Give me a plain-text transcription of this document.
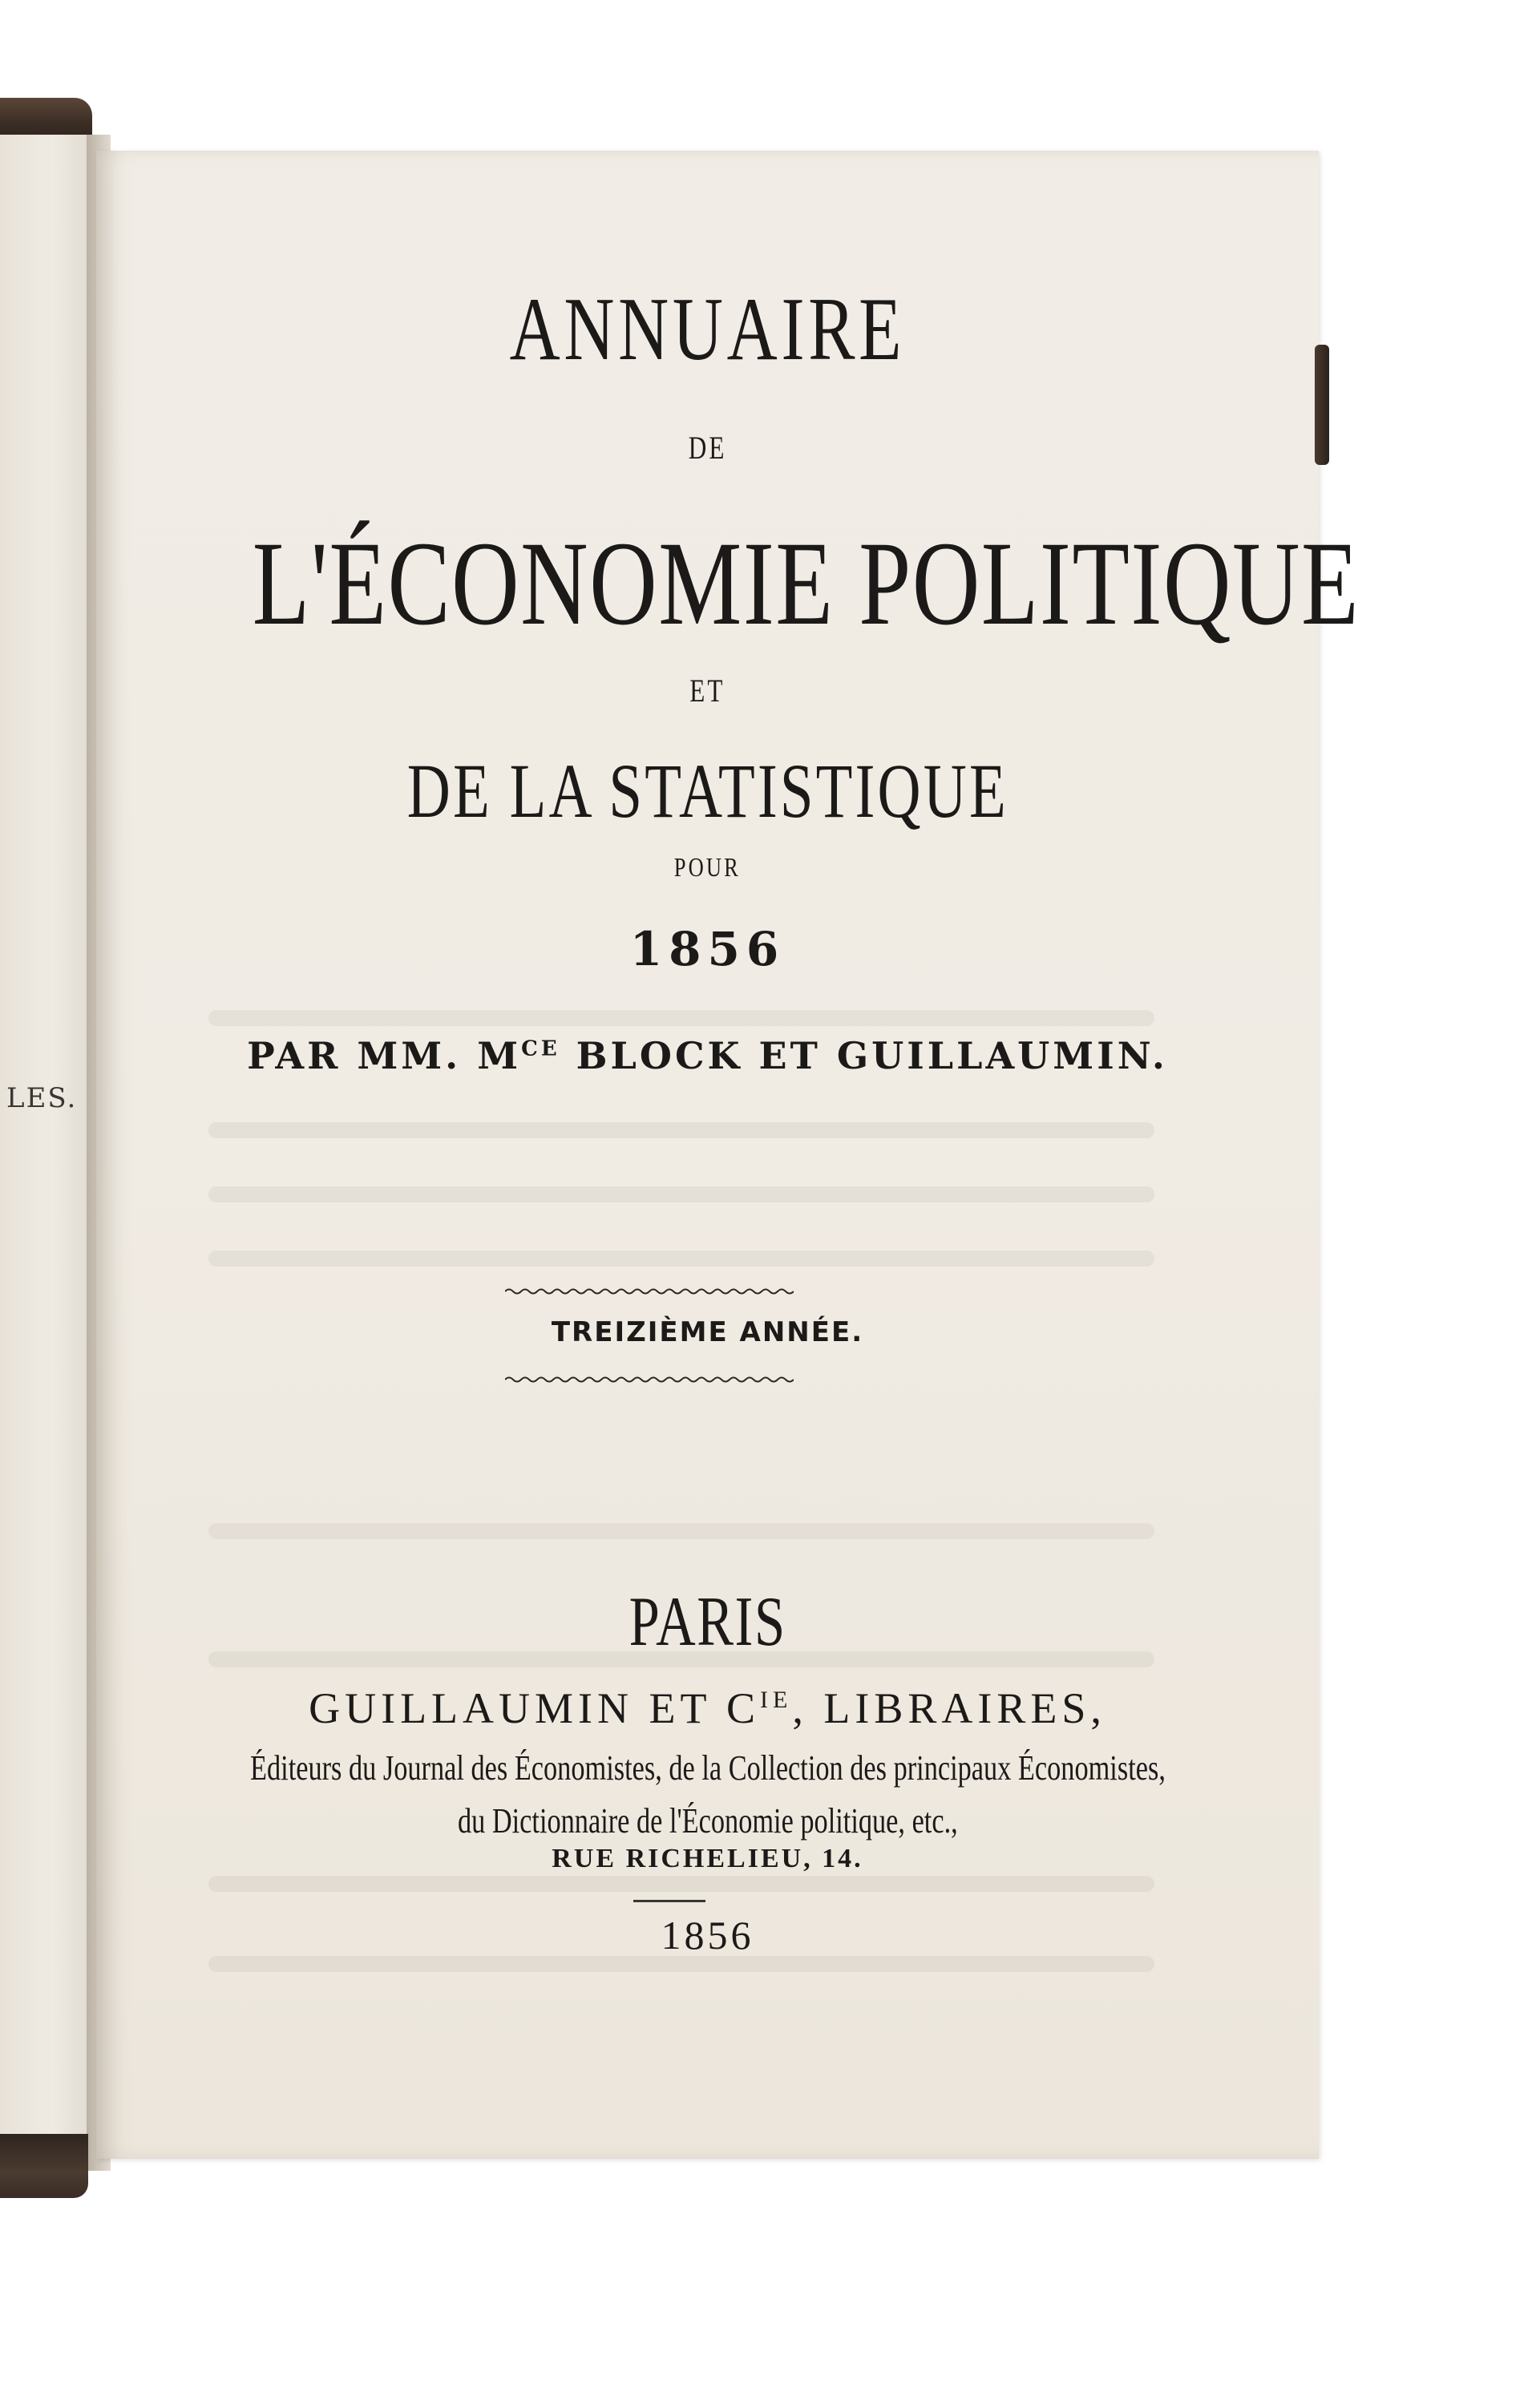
LES.
ANNUAIRE
DE
L'ÉCONOMIE POLITIQUE
ET
DE LA STATISTIQUE
POUR
1856
PAR MM. $M^{CE}$ BLOCK ET GUILLAUMIN.
TREIZIÈME ANNÉE.
PARIS
GUILLAUMIN ET $C^{IE}$, LIBRAIRES,
Éditeurs du Journal des Économistes, de la Collection des principaux Économistes,
du Dictionnaire de l'Économie politique, etc.,
RUE RICHELIEU, 14.
1856
